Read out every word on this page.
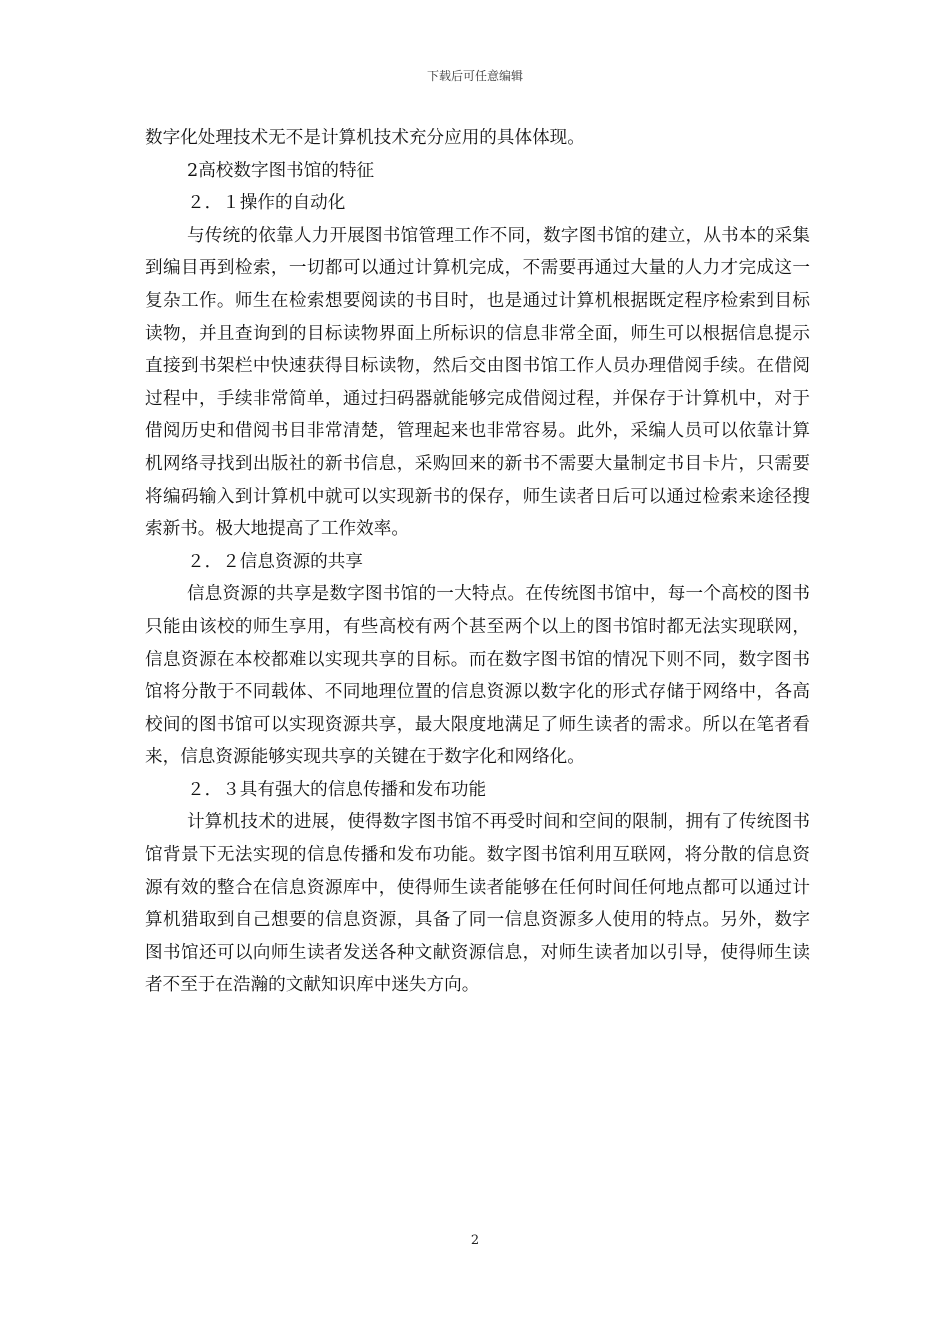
下载后可任意编辑

数字化处理技术无不是计算机技术充分应用的具体体现。

2高校数字图书馆的特征

２．１操作的自动化

与传统的依靠人力开展图书馆管理工作不同，数字图书馆的建立，从书本的采集到编目再到检索，一切都可以通过计算机完成，不需要再通过大量的人力才完成这一复杂工作。师生在检索想要阅读的书目时，也是通过计算机根据既定程序检索到目标读物，并且查询到的目标读物界面上所标识的信息非常全面，师生可以根据信息提示直接到书架栏中快速获得目标读物，然后交由图书馆工作人员办理借阅手续。在借阅过程中，手续非常简单，通过扫码器就能够完成借阅过程，并保存于计算机中，对于借阅历史和借阅书目非常清楚，管理起来也非常容易。此外，采编人员可以依靠计算机网络寻找到出版社的新书信息，采购回来的新书不需要大量制定书目卡片，只需要将编码输入到计算机中就可以实现新书的保存，师生读者日后可以通过检索来途径搜索新书。极大地提高了工作效率。

２．２信息资源的共享

信息资源的共享是数字图书馆的一大特点。在传统图书馆中，每一个高校的图书只能由该校的师生享用，有些高校有两个甚至两个以上的图书馆时都无法实现联网，信息资源在本校都难以实现共享的目标。而在数字图书馆的情况下则不同，数字图书馆将分散于不同载体、不同地理位置的信息资源以数字化的形式存储于网络中，各高校间的图书馆可以实现资源共享，最大限度地满足了师生读者的需求。所以在笔者看来，信息资源能够实现共享的关键在于数字化和网络化。

２．３具有强大的信息传播和发布功能

计算机技术的进展，使得数字图书馆不再受时间和空间的限制，拥有了传统图书馆背景下无法实现的信息传播和发布功能。数字图书馆利用互联网，将分散的信息资源有效的整合在信息资源库中，使得师生读者能够在任何时间任何地点都可以通过计算机猎取到自己想要的信息资源，具备了同一信息资源多人使用的特点。另外，数字图书馆还可以向师生读者发送各种文献资源信息，对师生读者加以引导，使得师生读者不至于在浩瀚的文献知识库中迷失方向。

2
